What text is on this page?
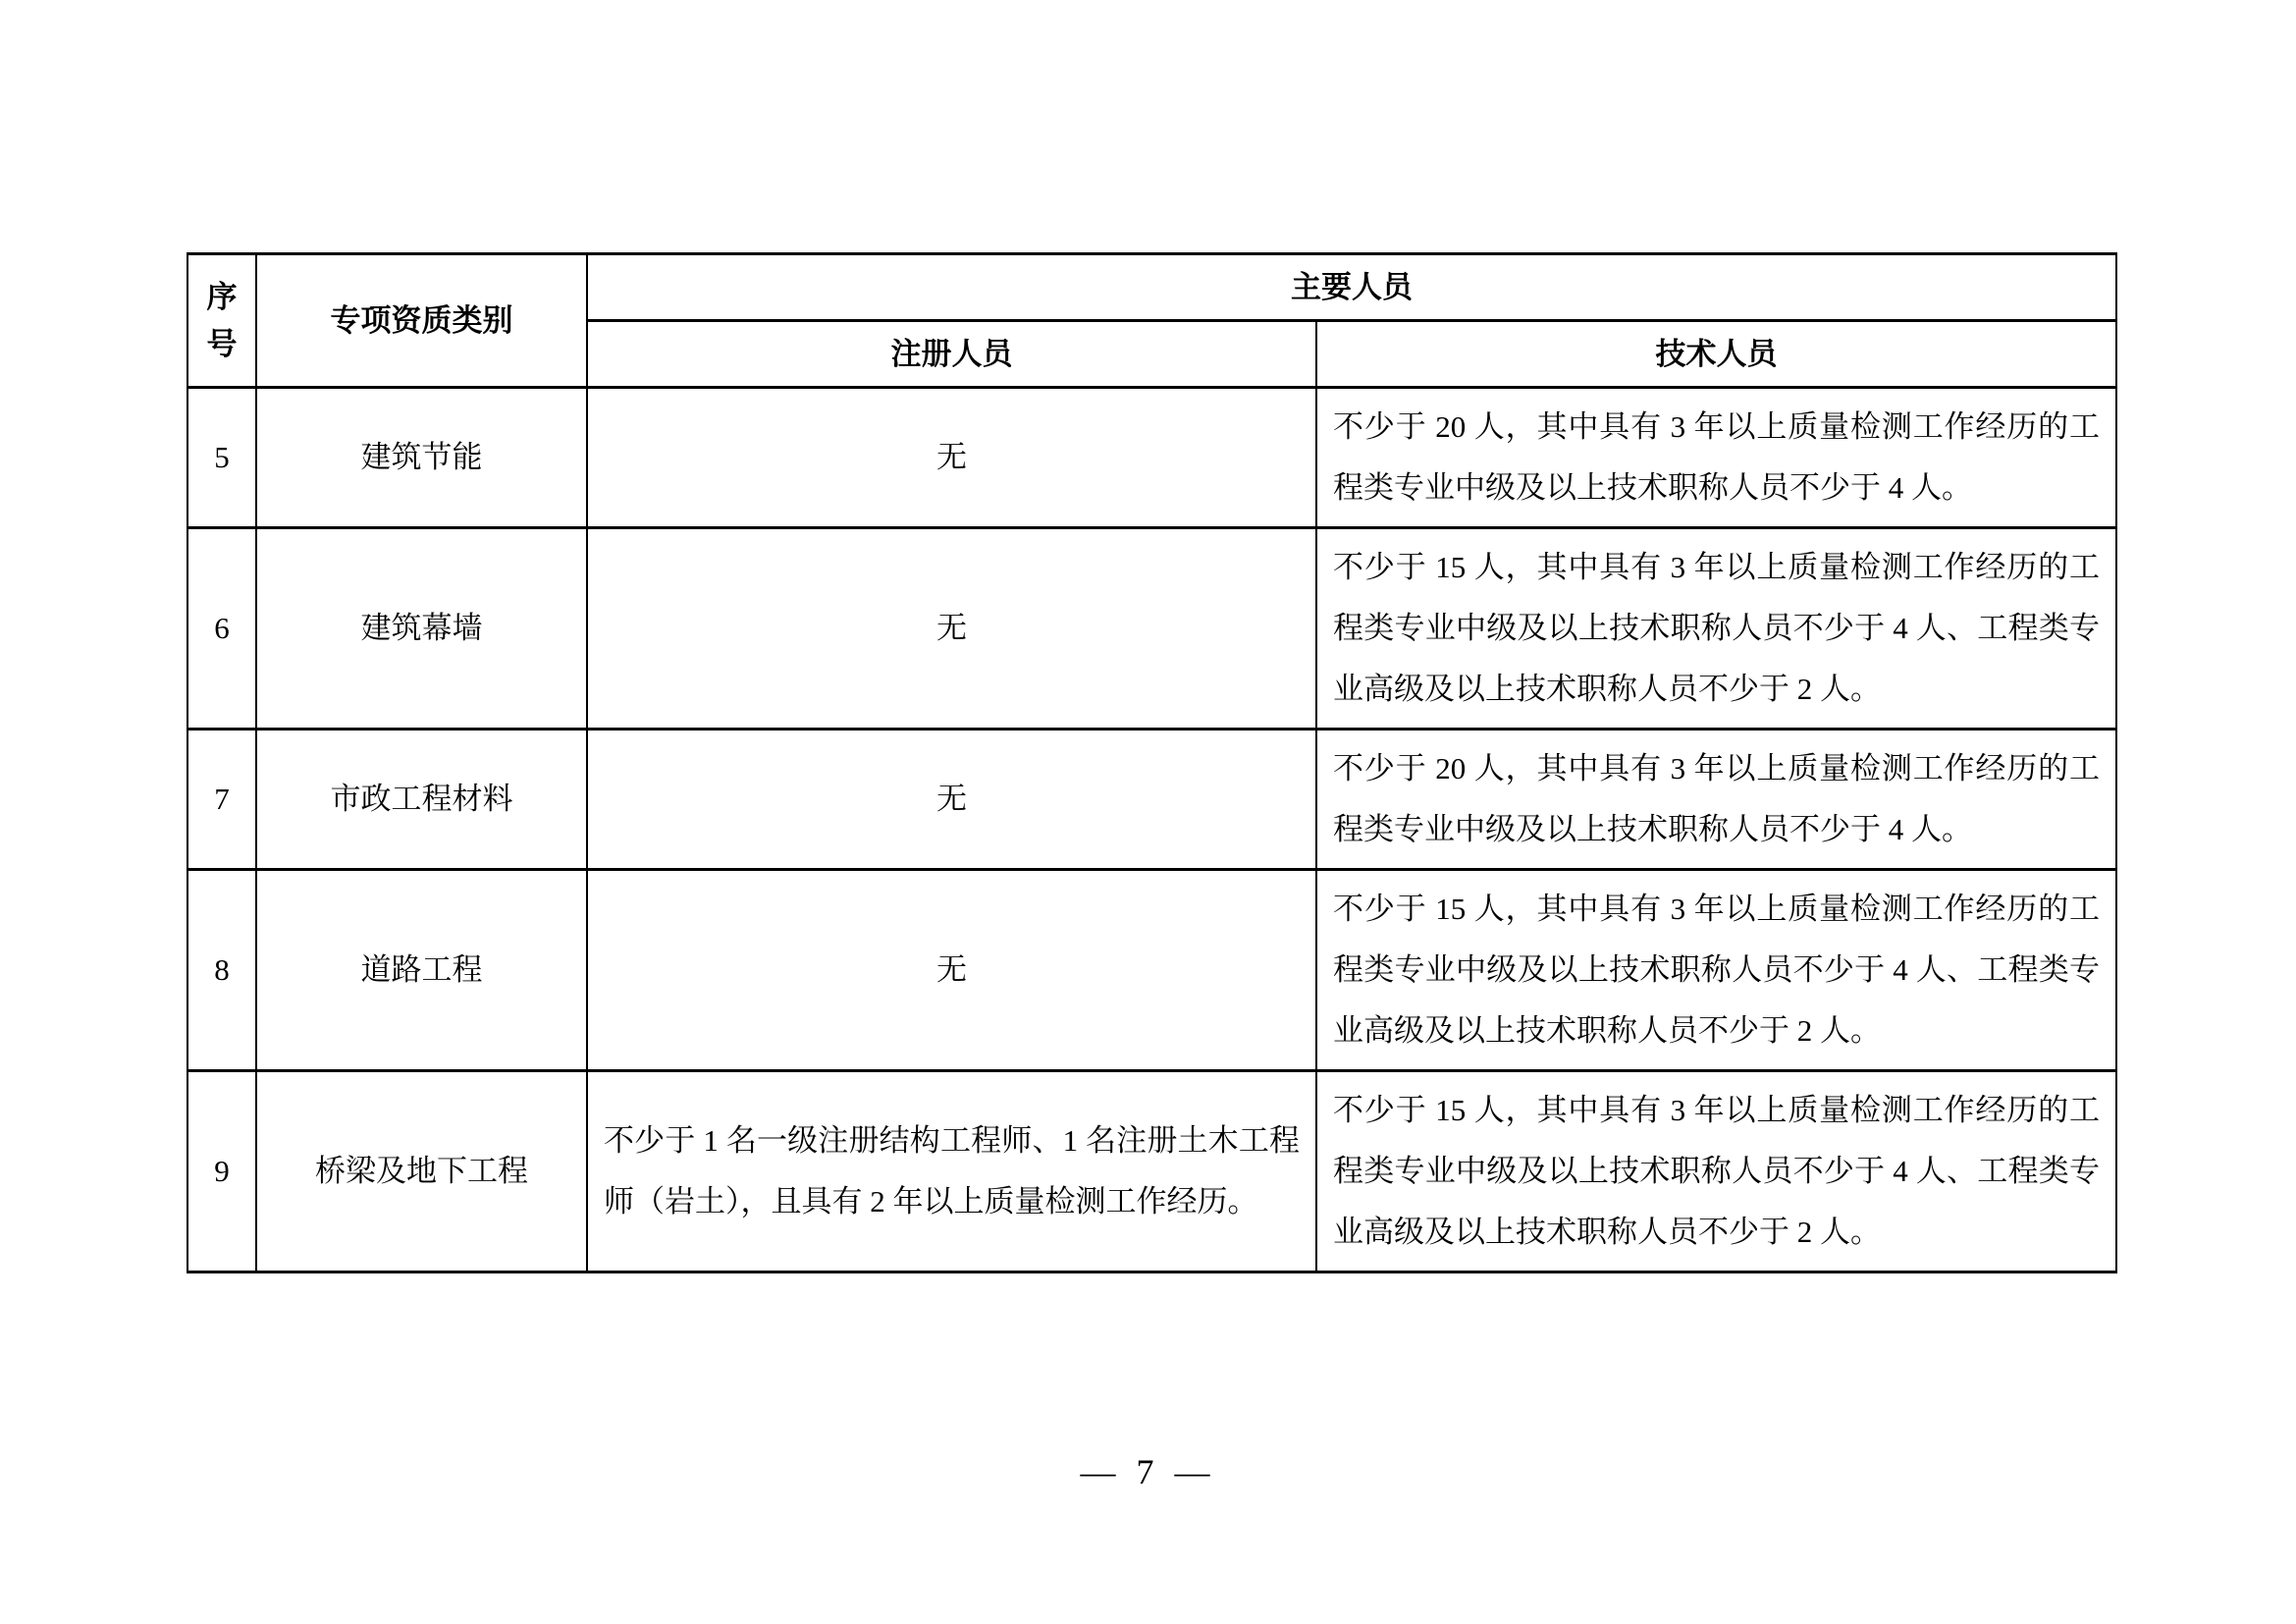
序
号	专项资质类别	主要人员	
		注册人员	技术人员
5	建筑节能	无	不少于 20 人，其中具有 3 年以上质量检测工作经历的工程类专业中级及以上技术职称人员不少于 4 人。
6	建筑幕墙	无	不少于 15 人，其中具有 3 年以上质量检测工作经历的工程类专业中级及以上技术职称人员不少于 4 人、工程类专业高级及以上技术职称人员不少于 2 人。
7	市政工程材料	无	不少于 20 人，其中具有 3 年以上质量检测工作经历的工程类专业中级及以上技术职称人员不少于 4 人。
8	道路工程	无	不少于 15 人，其中具有 3 年以上质量检测工作经历的工程类专业中级及以上技术职称人员不少于 4 人、工程类专业高级及以上技术职称人员不少于 2 人。
9	桥梁及地下工程	不少于 1 名一级注册结构工程师、1 名注册土木工程师（岩土），且具有 2 年以上质量检测工作经历。	不少于 15 人，其中具有 3 年以上质量检测工作经历的工程类专业中级及以上技术职称人员不少于 4 人、工程类专业高级及以上技术职称人员不少于 2 人。
— 7 —
